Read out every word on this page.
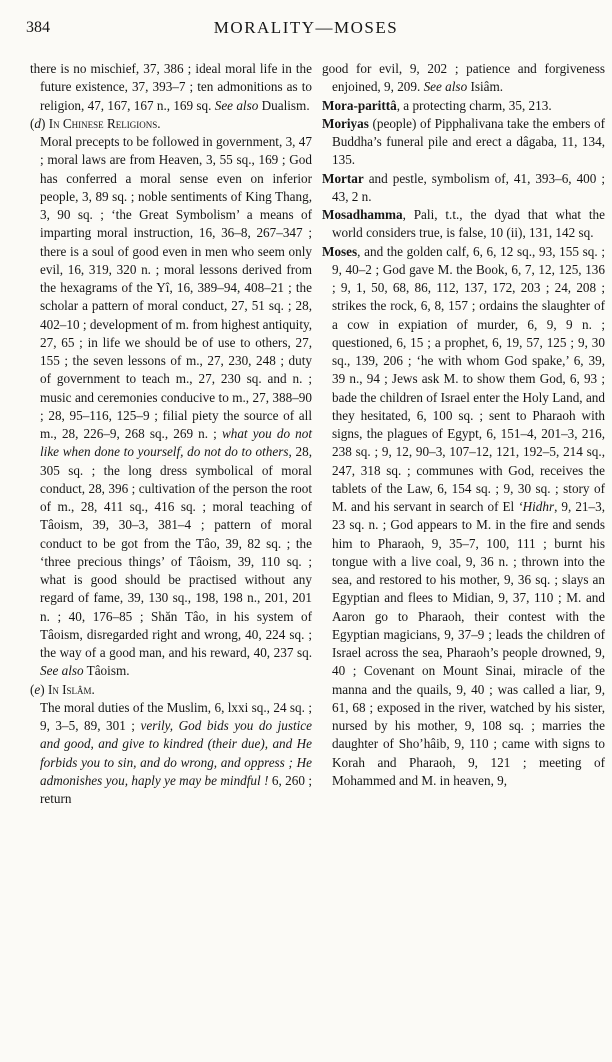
384	MORALITY—MOSES

there is no mischief, 37, 386 ; ideal moral life in the future existence, 37, 393–7 ; ten admonitions as to religion, 47, 167, 167 n., 169 sq. See also Dualism.

(d) In Chinese Religions.

Moral precepts to be followed in government, 3, 47 ; moral laws are from Heaven, 3, 55 sq., 169 ; God has conferred a moral sense even on inferior people, 3, 89 sq. ; noble sentiments of King Thang, 3, 90 sq. ; ‘the Great Symbolism’ a means of imparting moral instruction, 16, 36–8, 267–347 ; there is a soul of good even in men who seem only evil, 16, 319, 320 n. ; moral lessons derived from the hexagrams of the Yî, 16, 389–94, 408–21 ; the scholar a pattern of moral conduct, 27, 51 sq. ; 28, 402–10 ; development of m. from highest antiquity, 27, 65 ; in life we should be of use to others, 27, 155 ; the seven lessons of m., 27, 230, 248 ; duty of government to teach m., 27, 230 sq. and n. ; music and ceremonies conducive to m., 27, 388–90 ; 28, 95–116, 125–9 ; filial piety the source of all m., 28, 226–9, 268 sq., 269 n. ; what you do not like when done to yourself, do not do to others, 28, 305 sq. ; the long dress symbolical of moral conduct, 28, 396 ; cultivation of the person the root of m., 28, 411 sq., 416 sq. ; moral teaching of Tâoism, 39, 30–3, 381–4 ; pattern of moral conduct to be got from the Tâo, 39, 82 sq. ; the ‘three precious things’ of Tâoism, 39, 110 sq. ; what is good should be practised without any regard of fame, 39, 130 sq., 198, 198 n., 201, 201 n. ; 40, 176–85 ; Shăn Tâo, in his system of Tâoism, disregarded right and wrong, 40, 224 sq. ; the way of a good man, and his reward, 40, 237 sq. See also Tâoism.

(e) In Islâm.

The moral duties of the Muslim, 6, lxxi sq., 24 sq. ; 9, 3–5, 89, 301 ; verily, God bids you do justice and good, and give to kindred (their due), and He forbids you to sin, and do wrong, and oppress ; He admonishes you, haply ye may be mindful ! 6, 260 ; return

good for evil, 9, 202 ; patience and forgiveness enjoined, 9, 209. See also Isiâm.

Mora-parittâ, a protecting charm, 35, 213.

Moriyas (people) of Pipphalivana take the embers of Buddha’s funeral pile and erect a dâgaba, 11, 134, 135.

Mortar and pestle, symbolism of, 41, 393–6, 400 ; 43, 2 n.

Mosadhamma, Pali, t.t., the dyad that what the world considers true, is false, 10 (ii), 131, 142 sq.

Moses, and the golden calf, 6, 6, 12 sq., 93, 155 sq. ; 9, 40–2 ; God gave M. the Book, 6, 7, 12, 125, 136 ; 9, 1, 50, 68, 86, 112, 137, 172, 203 ; 24, 208 ; strikes the rock, 6, 8, 157 ; ordains the slaughter of a cow in expiation of murder, 6, 9, 9 n. ; questioned, 6, 15 ; a prophet, 6, 19, 57, 125 ; 9, 30 sq., 139, 206 ; ‘he with whom God spake,’ 6, 39, 39 n., 94 ; Jews ask M. to show them God, 6, 93 ; bade the children of Israel enter the Holy Land, and they hesitated, 6, 100 sq. ; sent to Pharaoh with signs, the plagues of Egypt, 6, 151–4, 201–3, 216, 238 sq. ; 9, 12, 90–3, 107–12, 121, 192–5, 214 sq., 247, 318 sq. ; communes with God, receives the tablets of the Law, 6, 154 sq. ; 9, 30 sq. ; story of M. and his servant in search of El ‘Hidhr, 9, 21–3, 23 sq. n. ; God appears to M. in the fire and sends him to Pharaoh, 9, 35–7, 100, 111 ; burnt his tongue with a live coal, 9, 36 n. ; thrown into the sea, and restored to his mother, 9, 36 sq. ; slays an Egyptian and flees to Midian, 9, 37, 110 ; M. and Aaron go to Pharaoh, their contest with the Egyptian magicians, 9, 37–9 ; leads the children of Israel across the sea, Pharaoh’s people drowned, 9, 40 ; Covenant on Mount Sinai, miracle of the manna and the quails, 9, 40 ; was called a liar, 9, 61, 68 ; exposed in the river, watched by his sister, nursed by his mother, 9, 108 sq. ; marries the daughter of Sho’hâib, 9, 110 ; came with signs to Korah and Pharaoh, 9, 121 ; meeting of Mohammed and M. in heaven, 9,
